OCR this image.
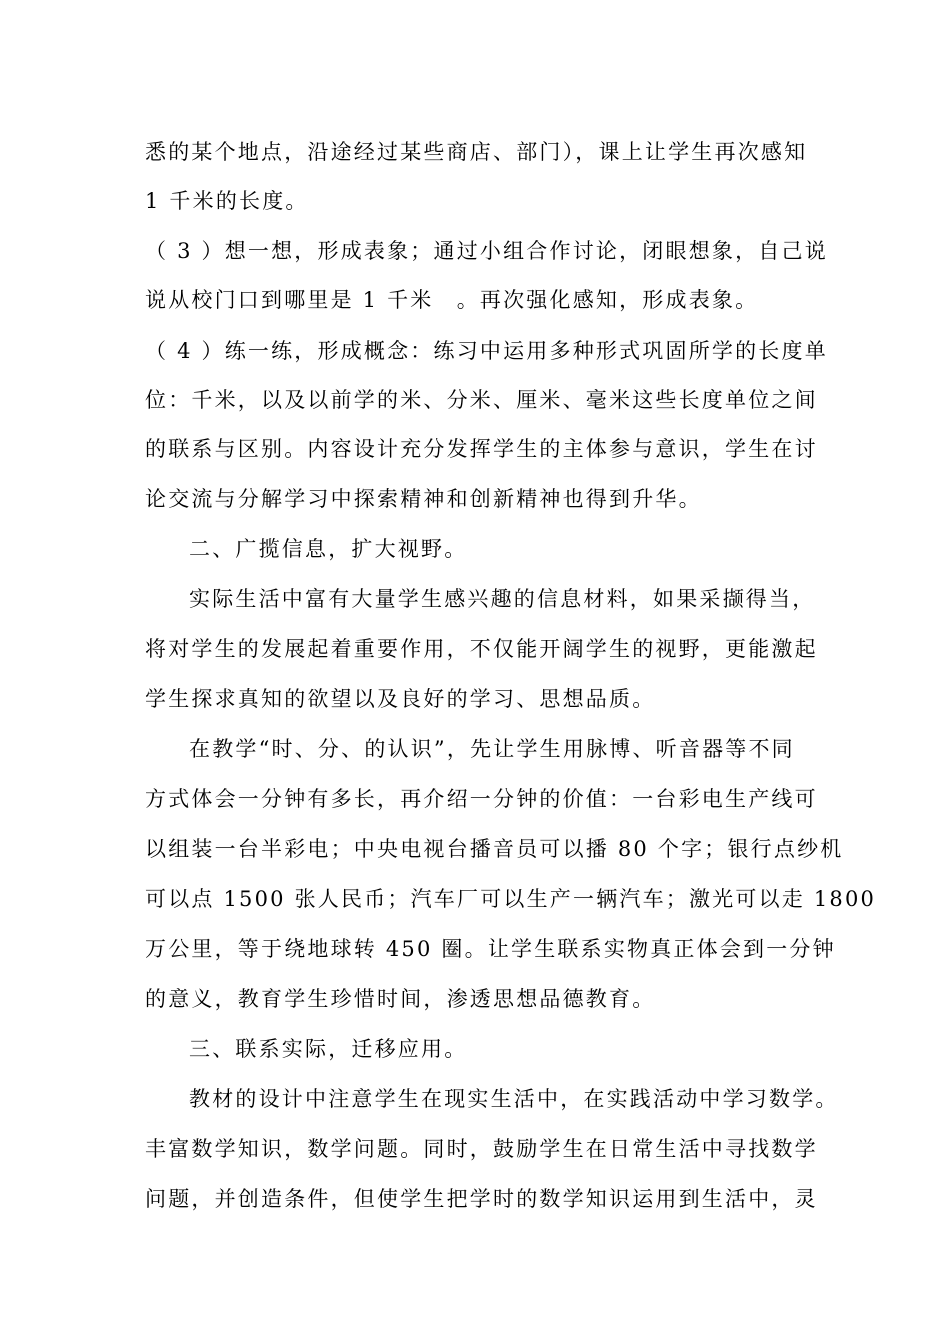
悉的某个地点，沿途经过某些商店、部门），课上让学生再次感知
1 千米的长度。
（ 3 ）想一想，形成表象；通过小组合作讨论，闭眼想象，自己说
说从校门口到哪里是 1 千米　。再次强化感知，形成表象。
（ 4 ）练一练，形成概念：练习中运用多种形式巩固所学的长度单
位：千米，以及以前学的米、分米、厘米、毫米这些长度单位之间
的联系与区别。内容设计充分发挥学生的主体参与意识，学生在讨
论交流与分解学习中探索精神和创新精神也得到升华。
二、广揽信息，扩大视野。
实际生活中富有大量学生感兴趣的信息材料，如果采撷得当，
将对学生的发展起着重要作用，不仅能开阔学生的视野，更能激起
学生探求真知的欲望以及良好的学习、思想品质。
在教学“时、分、的认识”，先让学生用脉博、听音器等不同
方式体会一分钟有多长，再介绍一分钟的价值：一台彩电生产线可
以组装一台半彩电；中央电视台播音员可以播 80 个字；银行点纱机
可以点 1500 张人民币；汽车厂可以生产一辆汽车；激光可以走 1800
万公里，等于绕地球转 450 圈。让学生联系实物真正体会到一分钟
的意义，教育学生珍惜时间，渗透思想品德教育。
三、联系实际，迁移应用。
教材的设计中注意学生在现实生活中，在实践活动中学习数学。
丰富数学知识，数学问题。同时，鼓励学生在日常生活中寻找数学
问题，并创造条件，但使学生把学时的数学知识运用到生活中，灵
